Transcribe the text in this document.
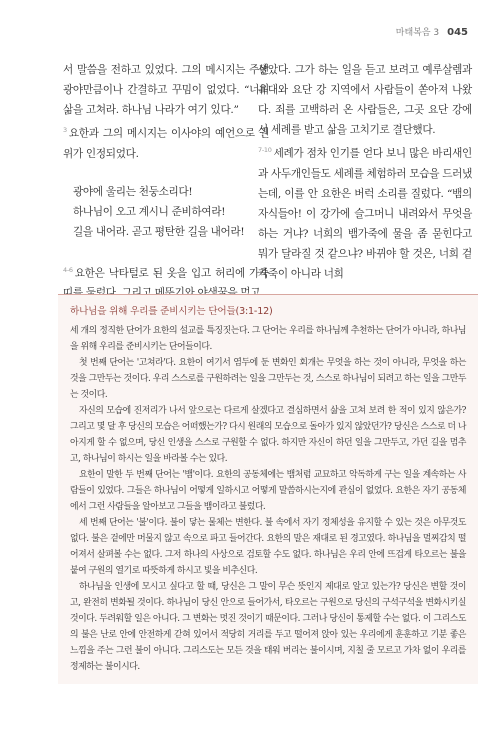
마태복음 3 045

서 말씀을 전하고 있었다. 그의 메시지는 주변 광야만큼이나 간결하고 꾸밈이 없었다. “너희 삶을 고쳐라. 하나님 나라가 여기 있다.”

$^3$ 요한과 그의 메시지는 이사야의 예언으로 권위가 인정되었다.

광야에 울리는 천둥소리다!
하나님이 오고 계시니 준비하여라!
길을 내어라. 곧고 평탄한 길을 내어라!

$^{4-6}$ 요한은 낙타털로 된 옷을 입고 허리에 가죽

살았다. 그가 하는 일을 듣고 보려고 예루살렘과 유대와 요단 강 지역에서 사람들이 쏟아져 나왔다. 죄를 고백하러 온 사람들은, 그곳 요단 강에서 세례를 받고 삶을 고치기로 결단했다.

$^{7-10}$ 세례가 점차 인기를 얻다 보니 많은 바리새인과 사두개인들도 세례를 체험하러 모습을 드러냈는데, 이를 안 요한은 버럭 소리를 질렀다. “뱀의 자식들아! 이 강가에 슬그머니 내려와서 무엇을 하는 거냐? 너희의 뱀가죽에 물을 좀 묻힌다고 뭐가 달라질 것 같으냐? 바뀌야 할 것은, 너희 겉가죽이 아니라 너희

하나님을 위해 우리를 준비시키는 단어들(3:1-12)

세 개의 정직한 단어가 요한의 설교를 특징짓는다. 그 단어는 우리를 하나님께 추천하는 단어가 아니라, 하나님을 위해 우리를 준비시키는 단어들이다.

첫 번째 단어는 '고쳐라'다. 요한이 여기서 염두에 둔 변화인 회개는 무엇을 하는 것이 아니라, 무엇을 하는 것을 그만두는 것이다. 우리 스스로를 구원하려는 일을 그만두는 것, 스스로 하나님이 되려고 하는 일을 그만두는 것이다.

자신의 모습에 진저리가 나서 앞으로는 다르게 살겠다고 결심하면서 삶을 고쳐 보려 한 적이 있지 않은가? 그리고 몇 달 후 당신의 모습은 어떠했는가? 다시 원래의 모습으로 돌아가 있지 않았던가? 당신은 스스로 더 나아지게 할 수 없으며, 당신 인생을 스스로 구원할 수 없다. 하지만 자신이 하던 일을 그만두고, 가던 길을 멈추고, 하나님이 하시는 일을 바라볼 수는 있다.

요한이 말한 두 번째 단어는 '뱀'이다. 요한의 공동체에는 뱀처럼 교묘하고 악독하게 구는 일을 계속하는 사람들이 있었다. 그들은 하나님이 어떻게 일하시고 어떻게 말씀하시는지에 관심이 없었다. 요한은 자기 공동체에서 그런 사람들을 알아보고 그들을 뱀이라고 불렀다.

세 번째 단어는 '불'이다. 불이 닿는 물체는 변한다. 불 속에서 자기 정체성을 유지할 수 있는 것은 아무것도 없다. 불은 겉에만 머물지 않고 속으로 파고 들어간다. 요한의 말은 재대로 된 경고였다. 하나님을 멀찌감치 떨어져서 살펴볼 수는 없다. 그저 하나의 사상으로 검토할 수도 없다. 하나님은 우리 안에 뜨겁게 타오르는 불을 붙여 구원의 열기로 따뜻하게 하시고 빛을 비추신다.

하나님을 인생에 모시고 싶다고 할 때, 당신은 그 말이 무슨 뜻인지 제대로 알고 있는가? 당신은 변할 것이고, 완전히 변화될 것이다. 하나님이 당신 안으로 들어가서, 타오르는 구원으로 당신의 구석구석을 변화시키실 것이다. 두려워할 일은 아니다. 그 변화는 멋진 것이기 때문이다. 그러나 당신이 통제할 수는 없다. 이 그리스도의 불은 난로 안에 안전하게 갇혀 있어서 적당히 거리를 두고 떨어져 앉아 있는 우리에게 훈훈하고 기분 좋은 느낌을 주는 그런 불이 아니다. 그리스도는 모든 것을 태워 버리는 불이시며, 지칠 줄 모르고 가차 없이 우리를 정제하는 불이시다.
